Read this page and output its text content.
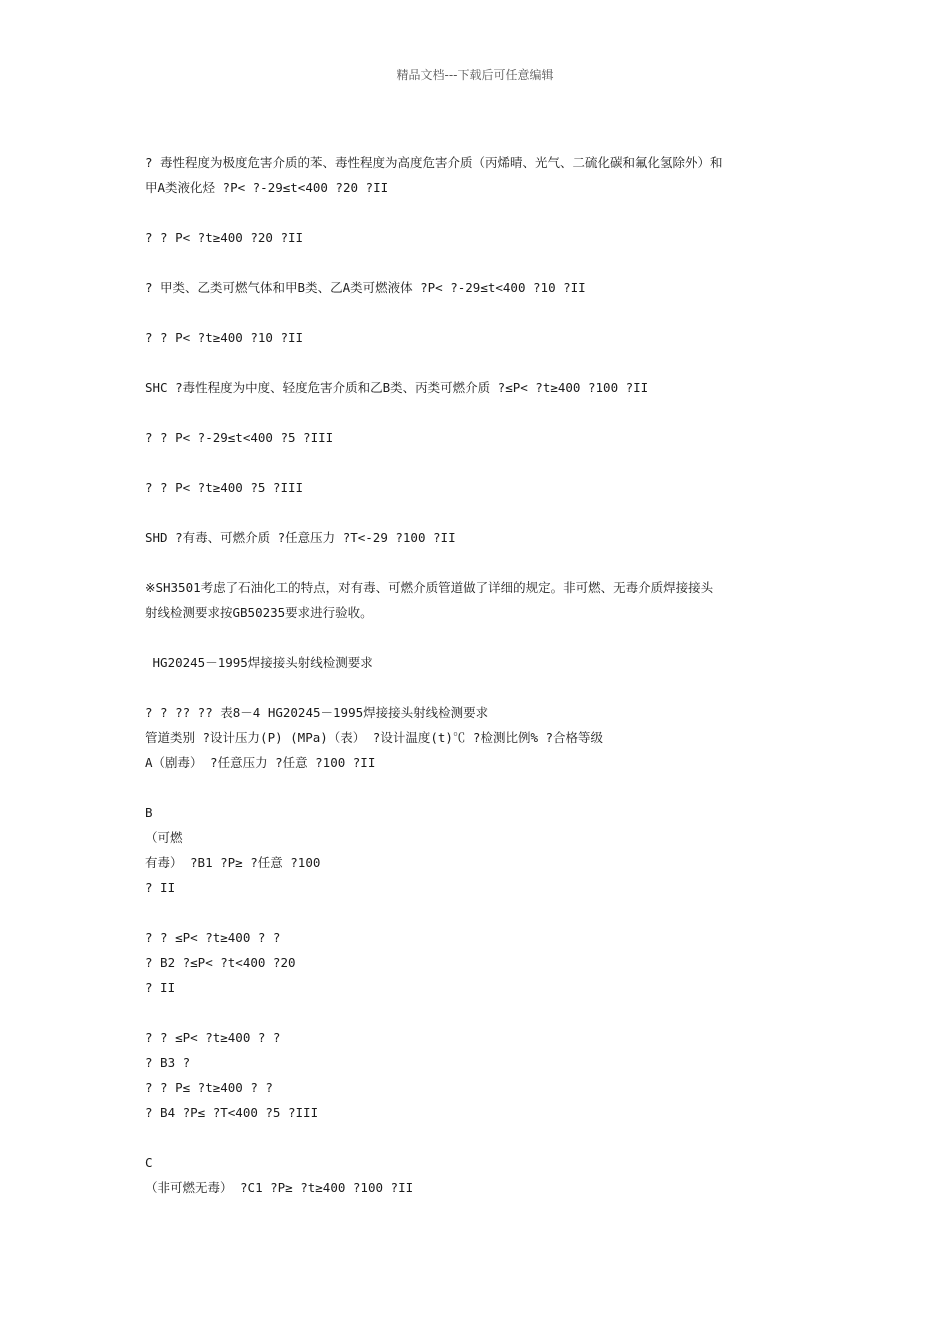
精品文档---下载后可任意编辑
? 毒性程度为极度危害介质的苯、毒性程度为高度危害介质（丙烯晴、光气、二硫化碳和氟化氢除外）和
甲A类液化烃 ?P< ?-29≤t<400 ?20 ?II
? ? P< ?t≥400 ?20 ?II
? 甲类、乙类可燃气体和甲B类、乙A类可燃液体 ?P< ?-29≤t<400 ?10 ?II
? ? P< ?t≥400 ?10 ?II
SHC ?毒性程度为中度、轻度危害介质和乙B类、丙类可燃介质 ?≤P< ?t≥400 ?100 ?II
? ? P< ?-29≤t<400 ?5 ?III
? ? P< ?t≥400 ?5 ?III
SHD ?有毒、可燃介质 ?任意压力 ?T<-29 ?100 ?II
※SH3501考虑了石油化工的特点，对有毒、可燃介质管道做了详细的规定。非可燃、无毒介质焊接接头
射线检测要求按GB50235要求进行验收。
HG20245－1995焊接接头射线检测要求
? ? ?? ?? 表8－4 HG20245－1995焊接接头射线检测要求
管道类别 ?设计压力(P) (MPa)（表） ?设计温度(t)℃ ?检测比例% ?合格等级
A（剧毒） ?任意压力 ?任意 ?100 ?II
B
（可燃
有毒） ?B1 ?P≥ ?任意 ?100
? II
? ? ≤P< ?t≥400 ? ?
? B2 ?≤P< ?t<400 ?20
? II
? ? ≤P< ?t≥400 ? ?
? B3 ?
? ? P≤ ?t≥400 ? ?
? B4 ?P≤ ?T<400 ?5 ?III
C
（非可燃无毒） ?C1 ?P≥ ?t≥400 ?100 ?II
